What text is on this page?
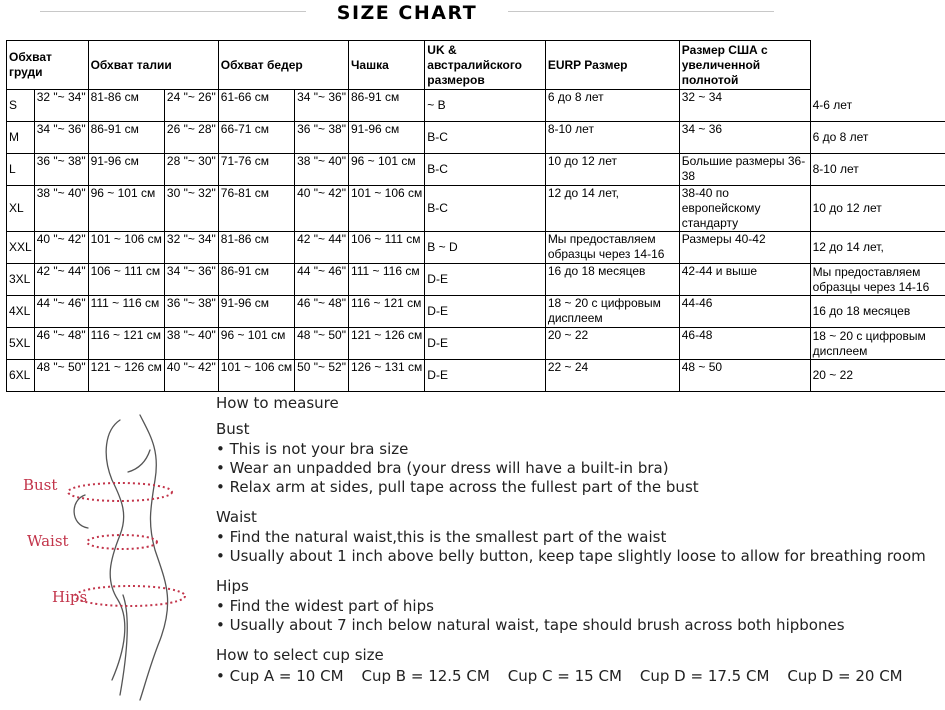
SIZE CHART
Обхват груди		Обхват талии		Обхват бедер		Чашка	UK & австралийского размеров	EURP Размер	Размер США с увеличенной полнотой	
S	32 "~ 34"	81-86 см	24 "~ 26"	61-66 см	34 "~ 36"	86-91 см	~ B	6 до 8 лет	32 ~ 34	4-6 лет
M	34 "~ 36"	86-91 см	26 "~ 28"	66-71 см	36 "~ 38"	91-96 см	B-C	8-10 лет	34 ~ 36	6 до 8 лет
L	36 "~ 38"	91-96 см	28 "~ 30"	71-76 см	38 "~ 40"	96 ~ 101 см	B-C	10 до 12 лет	Большие размеры 36-38	8-10 лет
XL	38 "~ 40"	96 ~ 101 см	30 "~ 32"	76-81 см	40 "~ 42"	101 ~ 106 см	B-C	12 до 14 лет,	38-40 по европейскому стандарту	10 до 12 лет
XXL	40 "~ 42"	101 ~ 106 см	32 "~ 34"	81-86 см	42 "~ 44"	106 ~ 111 см	B ~ D	Мы предоставляем образцы через 14-16	Размеры 40-42	12 до 14 лет,
3XL	42 "~ 44"	106 ~ 111 см	34 "~ 36"	86-91 см	44 "~ 46"	111 ~ 116 см	D-E	16 до 18 месяцев	42-44 и выше	Мы предоставляем образцы через 14-16
4XL	44 "~ 46"	111 ~ 116 см	36 "~ 38"	91-96 см	46 "~ 48"	116 ~ 121 см	D-E	18 ~ 20 с цифровым дисплеем	44-46	16 до 18 месяцев
5XL	46 "~ 48"	116 ~ 121 см	38 "~ 40"	96 ~ 101 см	48 "~ 50"	121 ~ 126 см	D-E	20 ~ 22	46-48	18 ~ 20 с цифровым дисплеем
6XL	48 "~ 50"	121 ~ 126 см	40 "~ 42"	101 ~ 106 см	50 "~ 52"	126 ~ 131 см	D-E	22 ~ 24	48 ~ 50	20 ~ 22
Bust
Waist
Hips

How to measure

Bust

• This is not your bra size

• Wear an unpadded bra (your dress will have a built-in bra)

• Relax arm at sides, pull tape across the fullest part of the bust

Waist

• Find the natural waist,this is the smallest part of the waist

• Usually about 1 inch above belly button, keep tape slightly loose to allow for breathing room

Hips

• Find the widest part of hips

• Usually about 7 inch below natural waist, tape should brush across both hipbones

How to select cup size

• Cup A = 10 CM Cup B = 12.5 CM Cup C = 15 CM Cup D = 17.5 CM Cup D = 20 CM
